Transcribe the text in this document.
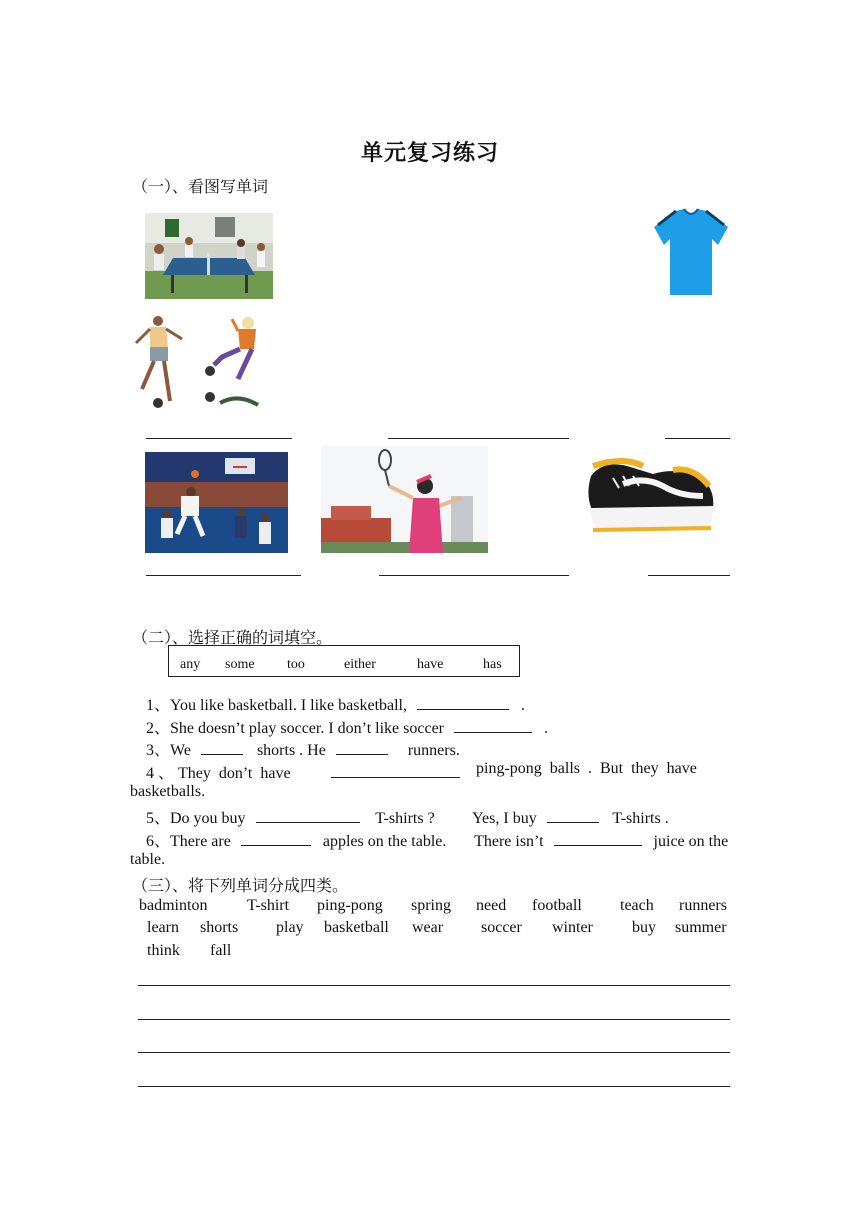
单元复习练习
（一）、看图写单词
（二）、选择正确的词填空。
any some too	either	have	has
1、You like basketball. I like basketball,	.
2、She doesn’t play soccer. I don’t like soccer	.
3、We	shorts . He	runners.
4 、 They  don’t  have	ping-pong  balls  .  But  they  have
basketballs.
5、Do you buy	T-shirts ? Yes, I buy	T-shirts .
6、There are	apples on the table. There isn’t	juice on the
table.
（三）、将下列单词分成四类。
badminton T-shirt ping-pong spring need football teach runners
learn shorts play basketball wear soccer winter buy summer
think fall
